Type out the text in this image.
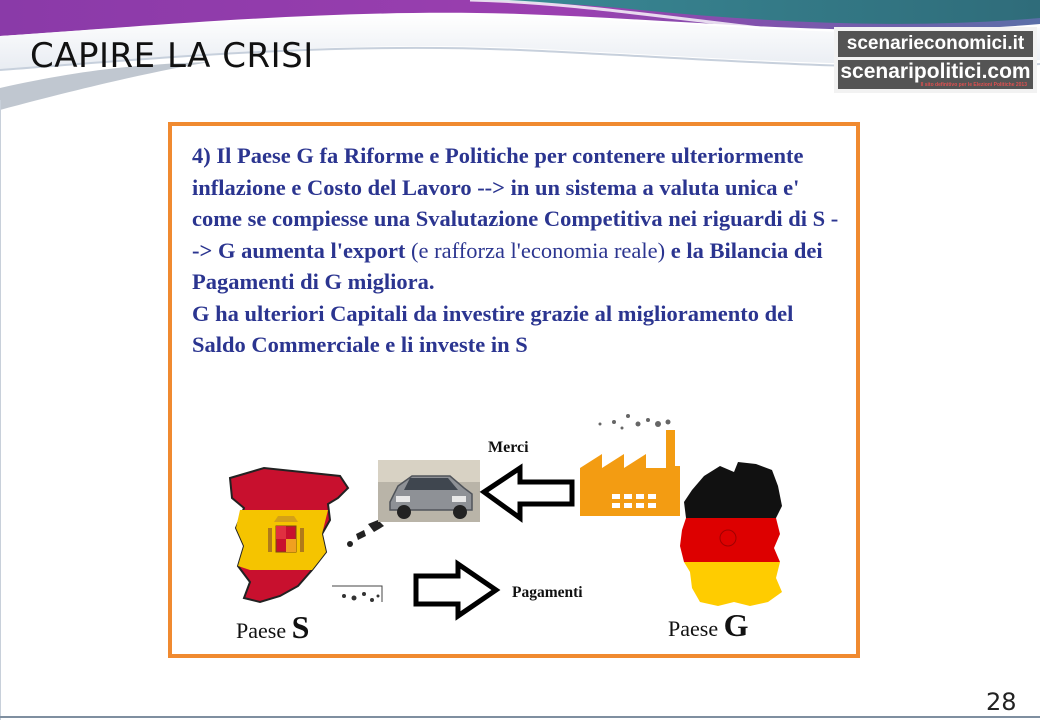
CAPIRE LA CRISI	scenarieconomici.it
scenaripolitici.com
Il sito definitivo per le Elezioni Politiche 2013
4) Il Paese G fa Riforme e Politiche per contenere ulteriormente inflazione e Costo del Lavoro --> in un sistema a valuta unica e' come se compiesse una Svalutazione Competitiva nei riguardi di S --> G aumenta l'export (e rafforza l'economia reale) e la Bilancia dei Pagamenti di G migliora.
G ha ulteriori Capitali da investire grazie al miglioramento del Saldo Commerciale e li investe in S
Merci
Pagamenti
Paese S	Paese G
28
